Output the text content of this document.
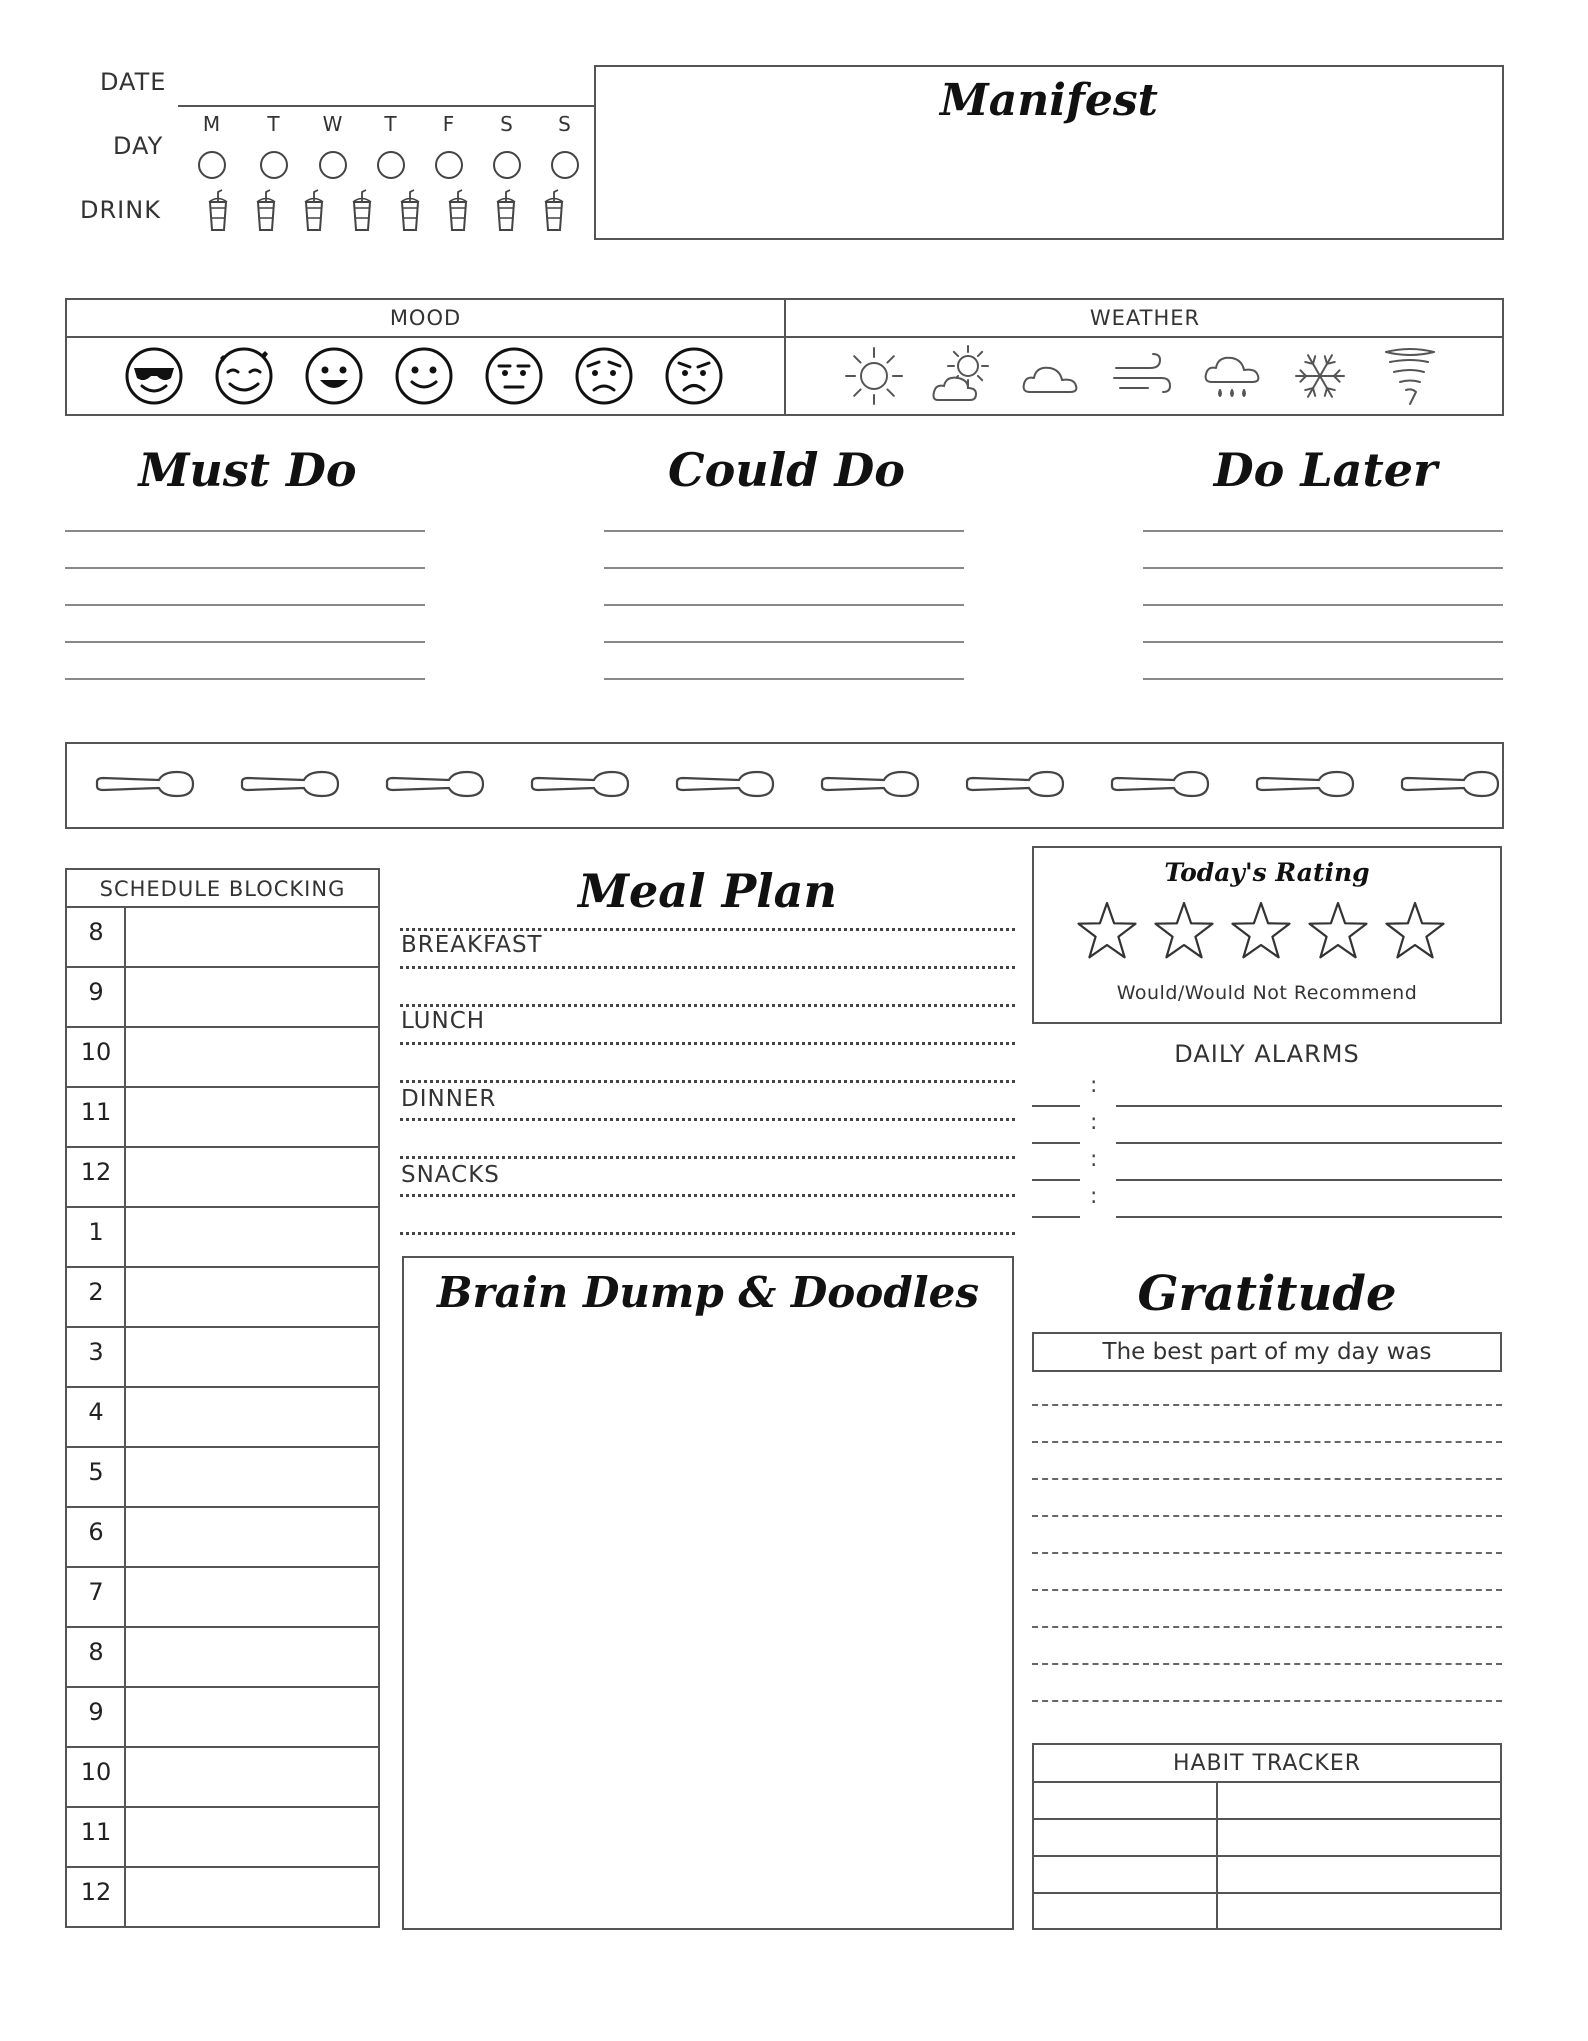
DATE
DAY
DRINK
M T W T F S S	Manifest
MOOD	WEATHER
Must Do	Could Do	Do Later
SCHEDULE BLOCKING
8
9
10
11
12
1
2
3
4
5
6
7
8
9
10
11
12
Meal Plan
BREAKFAST
LUNCH
DINNER
SNACKS
Today's Rating
Would/Would Not Recommend
DAILY ALARMS
:
:
:
:
Brain Dump & Doodles	Gratitude
The best part of my day was
HABIT TRACKER
